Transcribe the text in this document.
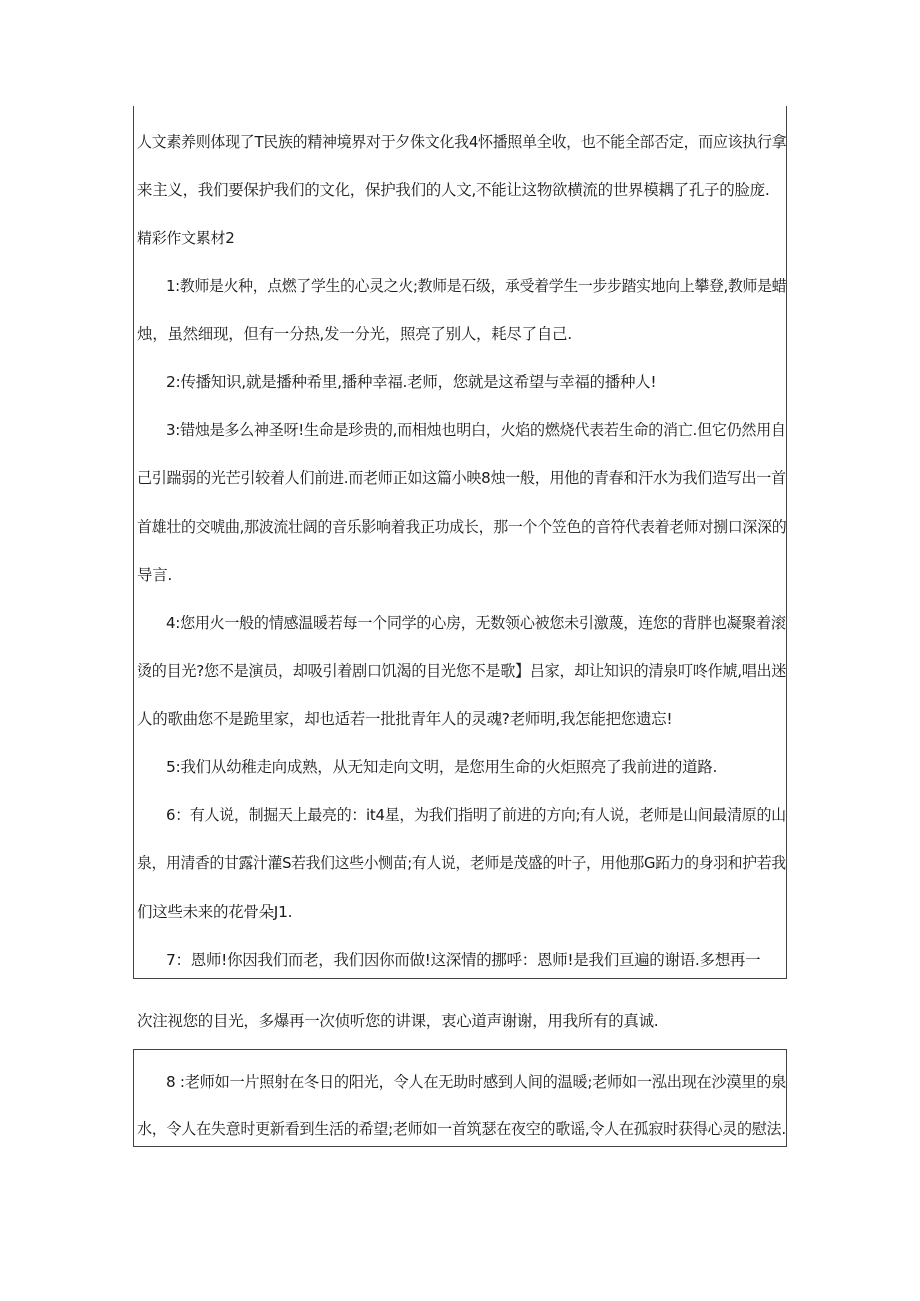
人文素养则体现了T民族的精神境界对于夕侏文化我4怀播照单全收，也不能全部否定，而应该执行拿
来主义，我们要保护我们的文化，保护我们的人文,不能让这物欲横流的世界模耦了孔子的脸庞.
精彩作文累材2
1:教师是火种，点燃了学生的心灵之火;教师是石级，承受着学生一步步踏实地向上攀登,教师是蜡
烛，虽然细现，但有一分热,发一分光，照亮了别人，耗尽了自己.
2:传播知识,就是播种希里,播种幸福.老师，您就是这希望与幸福的播种人!
3:错烛是多么神圣呀!生命是珍贵的,而相烛也明白，火焰的燃烧代表若生命的消亡.但它仍然用自
己引踹弱的光芒引较着人们前进.而老师正如这篇小映8烛一般，用他的青春和汗水为我们造写出一首
首雄壮的交唬曲,那波流壮阔的音乐影响着我正功成长，那一个个笠色的音符代表着老师对捌口深深的
导言.
4:您用火一般的情感温暖若每一个同学的心房，无数领心被您未引激蔑，连您的背胖也凝聚着滚
烫的目光?您不是演员，却吸引着剧口饥渴的目光您不是歌】吕家，却让知识的清泉叮咚作虓,唱出迷
人的歌曲您不是跪里家，却也适若一批批青年人的灵魂?老师明,我怎能把您遗忘!
5:我们从幼稚走向成熟，从无知走向文明，是您用生命的火炬照亮了我前进的道路.
6：有人说，制掘天上最亮的：it4星，为我们指明了前进的方向;有人说，老师是山间最清原的山
泉，用清香的甘露汁灌S若我们这些小恻苗;有人说，老师是茂盛的叶子，用他那G跖力的身羽和护若我
们这些未来的花骨朵J1.
7：恩师!你因我们而老，我们因你而做!这深情的挪呼：恩师!是我们亘遍的谢语.多想再一
次注视您的目光，多爆再一次侦听您的讲课，衷心道声谢谢，用我所有的真诚.
8 :老师如一片照射在冬日的阳光，令人在无助时感到人间的温暖;老师如一泓出现在沙漠里的泉
水，令人在失意时更新看到生活的希望;老师如一首筑瑟在夜空的歌谣,令人在孤寂时获得心灵的慰法.
